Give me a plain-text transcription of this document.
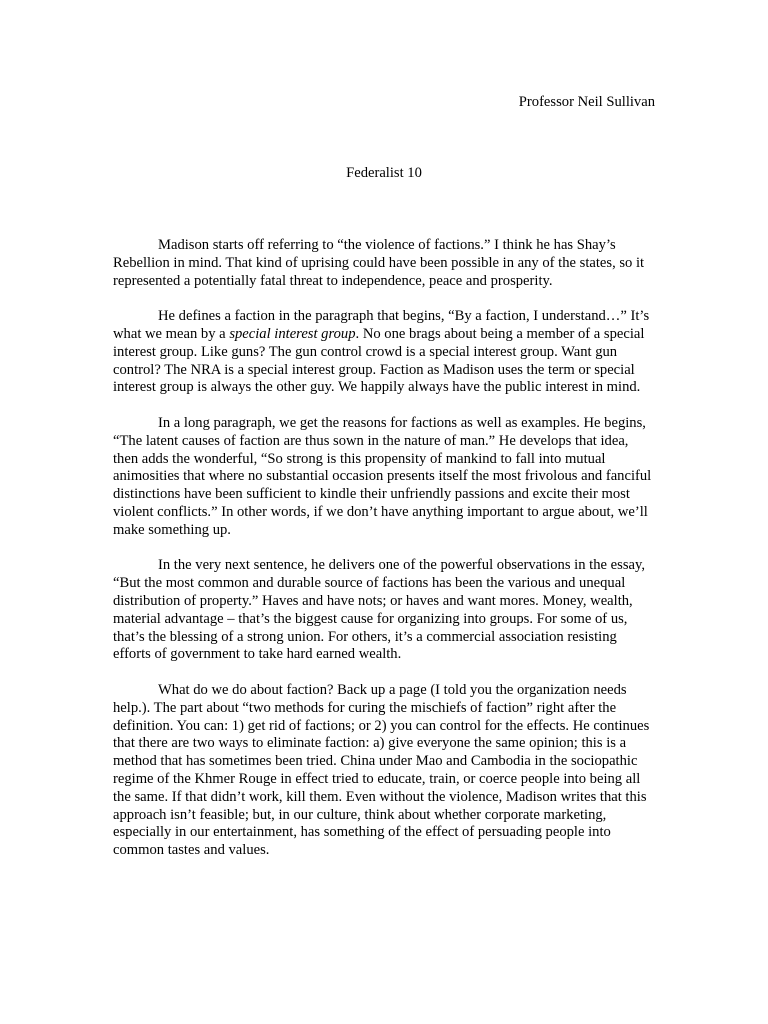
Professor Neil Sullivan
Federalist 10

Madison starts off referring to “the violence of factions.” I think he has Shay’s Rebellion in mind. That kind of uprising could have been possible in any of the states, so it represented a potentially fatal threat to independence, peace and prosperity.

He defines a faction in the paragraph that begins, “By a faction, I understand…” It’s what we mean by a special interest group. No one brags about being a member of a special interest group. Like guns? The gun control crowd is a special interest group. Want gun control? The NRA is a special interest group. Faction as Madison uses the term or special interest group is always the other guy. We happily always have the public interest in mind.

In a long paragraph, we get the reasons for factions as well as examples. He begins, “The latent causes of faction are thus sown in the nature of man.” He develops that idea, then adds the wonderful, “So strong is this propensity of mankind to fall into mutual animosities that where no substantial occasion presents itself the most frivolous and fanciful distinctions have been sufficient to kindle their unfriendly passions and excite their most violent conflicts.” In other words, if we don’t have anything important to argue about, we’ll make something up.

In the very next sentence, he delivers one of the powerful observations in the essay, “But the most common and durable source of factions has been the various and unequal distribution of property.” Haves and have nots; or haves and want mores. Money, wealth, material advantage – that’s the biggest cause for organizing into groups. For some of us, that’s the blessing of a strong union. For others, it’s a commercial association resisting efforts of government to take hard earned wealth.

What do we do about faction? Back up a page (I told you the organization needs help.). The part about “two methods for curing the mischiefs of faction” right after the definition. You can: 1) get rid of factions; or 2) you can control for the effects. He continues that there are two ways to eliminate faction: a) give everyone the same opinion; this is a method that has sometimes been tried. China under Mao and Cambodia in the sociopathic regime of the Khmer Rouge in effect tried to educate, train, or coerce people into being all the same. If that didn’t work, kill them. Even without the violence, Madison writes that this approach isn’t feasible; but, in our culture, think about whether corporate marketing, especially in our entertainment, has something of the effect of persuading people into common tastes and values.
